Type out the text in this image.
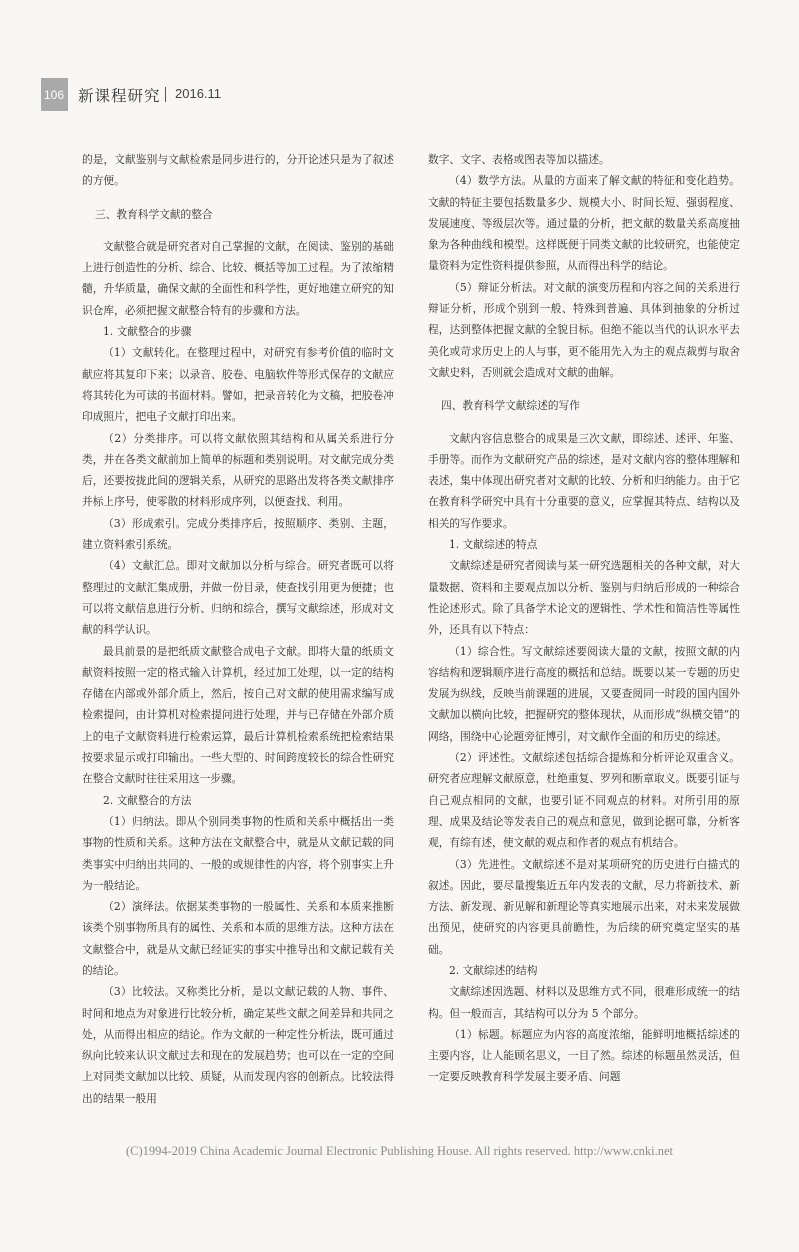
106 新课程研究 2016.11

的是，文献鉴别与文献检索是同步进行的，分开论述只是为了叙述的方便。

三、教育科学文献的整合

文献整合就是研究者对自己掌握的文献，在阅读、鉴别的基础上进行创造性的分析、综合、比较、概括等加工过程。为了浓缩精髓，升华质量，确保文献的全面性和科学性，更好地建立研究的知识仓库，必须把握文献整合特有的步骤和方法。

1. 文献整合的步骤

（1）文献转化。在整理过程中，对研究有参考价值的临时文献应将其复印下来；以录音、胶卷、电脑软件等形式保存的文献应将其转化为可读的书面材料。譬如，把录音转化为文稿，把胶卷冲印成照片，把电子文献打印出来。

（2）分类排序。可以将文献依照其结构和从属关系进行分类，并在各类文献前加上简单的标题和类别说明。对文献完成分类后，还要按拢此间的逻辑关系，从研究的思路出发将各类文献排序并标上序号，使零散的材料形成序列，以便查找、利用。

（3）形成索引。完成分类排序后，按照顺序、类别、主题，建立资料索引系统。

（4）文献汇总。即对文献加以分析与综合。研究者既可以将整理过的文献汇集成册，并做一份目录，使查找引用更为便捷；也可以将文献信息进行分析、归纳和综合，撰写文献综述，形成对文献的科学认识。

最具前景的是把纸质文献整合成电子文献。即将大量的纸质文献资料按照一定的格式输入计算机，经过加工处理，以一定的结构存储在内部或外部介质上，然后，按自己对文献的使用需求编写成检索提问，由计算机对检索提问进行处理，并与已存储在外部介质上的电子文献资料进行检索运算，最后计算机检索系统把检索结果按要求显示或打印输出。一些大型的、时间跨度较长的综合性研究在整合文献时往往采用这一步骤。

2. 文献整合的方法

（1）归纳法。即从个别同类事物的性质和关系中概括出一类事物的性质和关系。这种方法在文献整合中，就是从文献记载的同类事实中归纳出共同的、一般的或规律性的内容，将个别事实上升为一般结论。

（2）演绎法。依据某类事物的一般属性、关系和本质来推断该类个别事物所具有的属性、关系和本质的思维方法。这种方法在文献整合中，就是从文献已经证实的事实中推导出和文献记载有关的结论。

（3）比较法。又称类比分析，是以文献记载的人物、事件、时间和地点为对象进行比较分析，确定某些文献之间差异和共同之处，从而得出相应的结论。作为文献的一种定性分析法，既可通过纵向比较来认识文献过去和现在的发展趋势；也可以在一定的空间上对同类文献加以比较、质疑，从而发现内容的创新点。比较法得出的结果一般用

数字、文字、表格或图表等加以描述。

（4）数学方法。从量的方面来了解文献的特征和变化趋势。文献的特征主要包括数量多少、规模大小、时间长短、强弱程度、发展速度、等级层次等。通过量的分析，把文献的数量关系高度抽象为各种曲线和模型。这样既便于同类文献的比较研究，也能使定量资料为定性资料提供参照，从而得出科学的结论。

（5）辩证分析法。对文献的演变历程和内容之间的关系进行辩证分析，形成个别到一般、特殊到普遍、具体到抽象的分析过程，达到整体把握文献的全貌目标。但绝不能以当代的认识水平去美化或苛求历史上的人与事，更不能用先入为主的观点裁剪与取舍文献史料，否则就会造成对文献的曲解。

四、教育科学文献综述的写作

文献内容信息整合的成果是三次文献，即综述、述评、年鉴、手册等。而作为文献研究产品的综述，是对文献内容的整体理解和表述，集中体现出研究者对文献的比较、分析和归纳能力。由于它在教育科学研究中具有十分重要的意义，应掌握其特点、结构以及相关的写作要求。

1. 文献综述的特点

文献综述是研究者阅读与某一研究选题相关的各种文献，对大量数据、资料和主要观点加以分析、鉴别与归纳后形成的一种综合性论述形式。除了具备学术论文的逻辑性、学术性和简洁性等属性外，还具有以下特点：

（1）综合性。写文献综述要阅读大量的文献，按照文献的内容结构和逻辑顺序进行高度的概括和总结。既要以某一专题的历史发展为纵线，反映当前课题的进展，又要查阅同一时段的国内国外文献加以横向比较，把握研究的整体现状，从而形成“纵横交错”的网络，围绕中心论题旁征博引，对文献作全面的和历史的综述。

（2）评述性。文献综述包括综合提炼和分析评论双重含义。研究者应理解文献原意，杜绝重复、罗列和断章取义。既要引证与自己观点相同的文献，也要引证不同观点的材料。对所引用的原理、成果及结论等发表自己的观点和意见，做到论据可靠，分析客观，有综有述，使文献的观点和作者的观点有机结合。

（3）先进性。文献综述不是对某项研究的历史进行白描式的叙述。因此，要尽量搜集近五年内发表的文献，尽力将新技术、新方法、新发现、新见解和新理论等真实地展示出来，对未来发展做出预见，使研究的内容更具前瞻性，为后续的研究奠定坚实的基础。

2. 文献综述的结构

文献综述因选题、材料以及思维方式不同，很难形成统一的结构。但一般而言，其结构可以分为 5 个部分。

（1）标题。标题应为内容的高度浓缩，能鲜明地概括综述的主要内容，让人能顾名思义，一目了然。综述的标题虽然灵活，但一定要反映教育科学发展主要矛盾、问题

(C)1994-2019 China Academic Journal Electronic Publishing House. All rights reserved. http://www.cnki.net
